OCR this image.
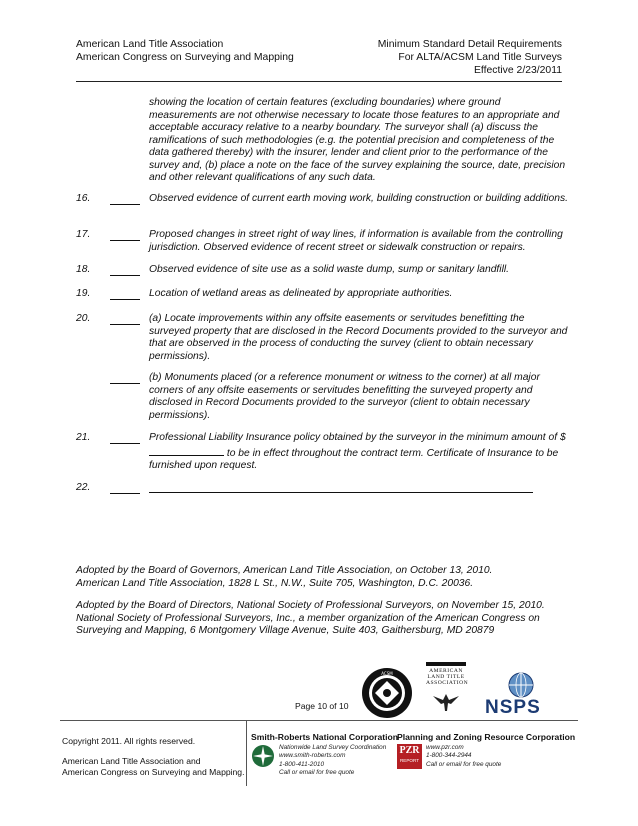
American Land Title Association
American Congress on Surveying and Mapping
Minimum Standard Detail Requirements
For ALTA/ACSM Land Title Surveys
Effective 2/23/2011
showing the location of certain features (excluding boundaries) where ground measurements are not otherwise necessary to locate those features to an appropriate and acceptable accuracy relative to a nearby boundary. The surveyor shall (a) discuss the ramifications of such methodologies (e.g. the potential precision and completeness of the data gathered thereby) with the insurer, lender and client prior to the performance of the survey and, (b) place a note on the face of the survey explaining the source, date, precision and other relevant qualifications of any such data.
16.
	Observed evidence of current earth moving work, building construction or building additions.
17.
	Proposed changes in street right of way lines, if information is available from the controlling jurisdiction. Observed evidence of recent street or sidewalk construction or repairs.
18.
	Observed evidence of site use as a solid waste dump, sump or sanitary landfill.
19.
	Location of wetland areas as delineated by appropriate authorities.
20.
	(a) Locate improvements within any offsite easements or servitudes benefitting the surveyed property that are disclosed in the Record Documents provided to the surveyor and that are observed in the process of conducting the survey (client to obtain necessary permissions).

(b) Monuments placed (or a reference monument or witness to the corner) at all major corners of any offsite easements or servitudes benefitting the surveyed property and disclosed in Record Documents provided to the surveyor (client to obtain necessary permissions).
21.
	Professional Liability Insurance policy obtained by the surveyor in the minimum amount of $ to be in effect throughout the contract term. Certificate of Insurance to be furnished upon request.
22.

Adopted by the Board of Governors, American Land Title Association, on October 13, 2010.
American Land Title Association, 1828 L St., N.W., Suite 705, Washington, D.C. 20036.
Adopted by the Board of Directors, National Society of Professional Surveyors, on November 15, 2010.
National Society of Professional Surveyors, Inc., a member organization of the American Congress on Surveying and Mapping, 6 Montgomery Village Avenue, Suite 403, Gaithersburg, MD 20879
ACSM	AMERICAN
LAND TITLE
ASSOCIATION
NSPS
Page 10 of 10
Copyright 2011. All rights reserved.
American Land Title Association and
American Congress on Surveying and Mapping.
Smith-Roberts National Corporation
Nationwide Land Survey Coordination
www.smith-roberts.com
1-800-411-2010
Call or email for free quote
Planning and Zoning Resource Corporation
PZR
REPORT
www.pzr.com
1-800-344-2944
Call or email for free quote
